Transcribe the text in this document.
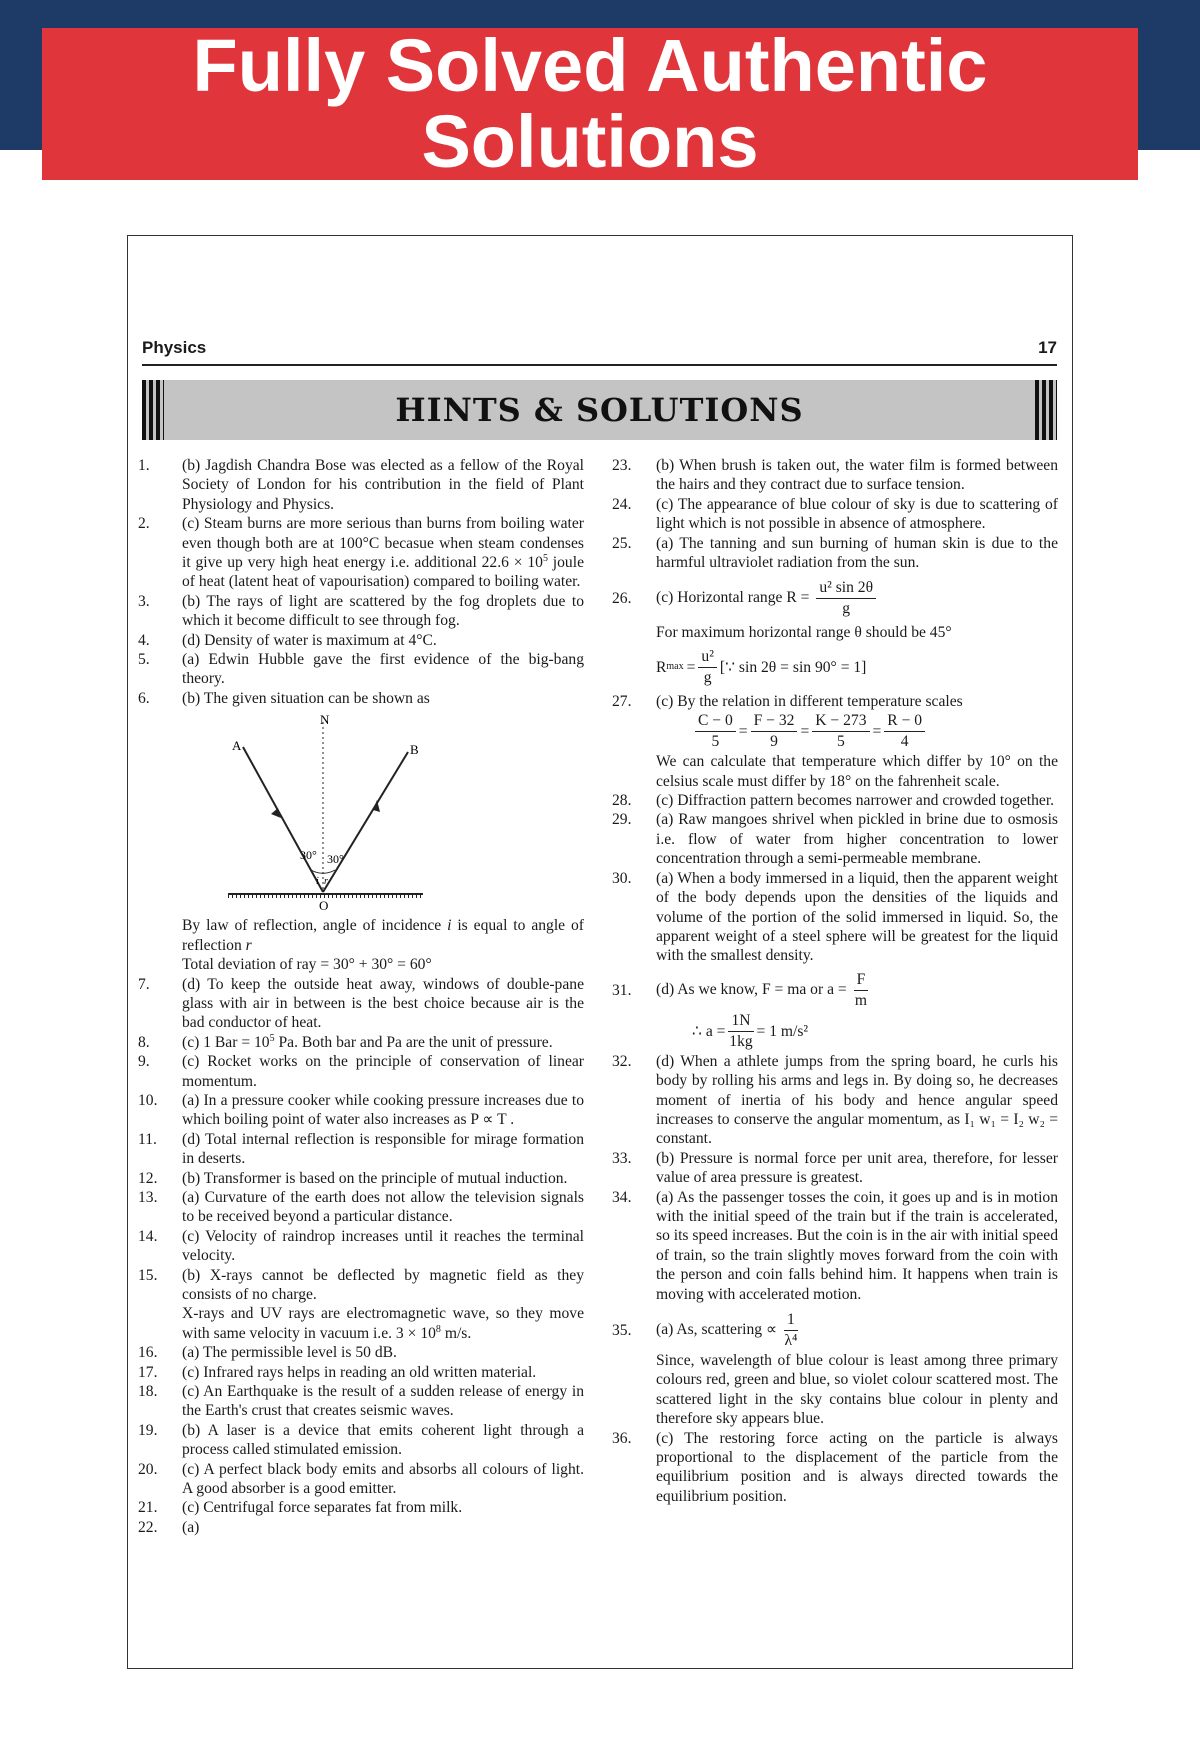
Fully Solved Authentic Solutions
Physics	17
HINTS & SOLUTIONS
1.	(b) Jagdish Chandra Bose was elected as a fellow of the Royal Society of London for his contribution in the field of Plant Physiology and Physics.
2.	(c) Steam burns are more serious than burns from boiling water even though both are at 100°C becasue when steam condenses it give up very high heat energy i.e. additional $22.6 \times 10^5$ joule of heat (latent heat of vapourisation) compared to boiling water.
3.	(b) The rays of light are scattered by the fog droplets due to which it become difficult to see through fog.
4.	(d) Density of water is maximum at 4°C.
5.	(a) Edwin Hubble gave the first evidence of the big-bang theory.
6.	(b) The given situation can be shown as
N
A	B
O
30° 30°
i r
By law of reflection, angle of incidence i is equal to angle of reflection r
Total deviation of ray = 30° + 30° = 60°
7.	(d) To keep the outside heat away, windows of double-pane glass with air in between is the best choice because air is the bad conductor of heat.
8.	(c) 1 Bar = $10^5$ Pa. Both bar and Pa are the unit of pressure.
9.	(c) Rocket works on the principle of conservation of linear momentum.
10.	(a) In a pressure cooker while cooking pressure increases due to which boiling point of water also increases as P ∝ T .
11.	(d) Total internal reflection is responsible for mirage formation in deserts.
12.	(b) Transformer is based on the principle of mutual induction.
13.	(a) Curvature of the earth does not allow the television signals to be received beyond a particular distance.
14.	(c) Velocity of raindrop increases until it reaches the terminal velocity.
15.	(b) X-rays cannot be deflected by magnetic field as they consists of no charge.
X-rays and UV rays are electromagnetic wave, so they move with same velocity in vacuum i.e. $3 \times 10^8$ m/s.
16.	(a) The permissible level is 50 dB.
17.	(c) Infrared rays helps in reading an old written material.
18.	(c) An Earthquake is the result of a sudden release of energy in the Earth's crust that creates seismic waves.
19.	(b) A laser is a device that emits coherent light through a process called stimulated emission.
20.	(c) A perfect black body emits and absorbs all colours of light. A good absorber is a good emitter.
21.	(c) Centrifugal force separates fat from milk.
22.	(a)
23.	(b) When brush is taken out, the water film is formed between the hairs and they contract due to surface tension.
24.	(c) The appearance of blue colour of sky is due to scattering of light which is not possible in absence of atmosphere.
25.	(a) The tanning and sun burning of human skin is due to the harmful ultraviolet radiation from the sun.
26.	(c) Horizontal range $R = \frac{\text{u² sin 2θ}}{g}$
For maximum horizontal range θ should be 45°
R $\max = \frac{\text{u²}}{g}$ [∵ sin 2θ = sin 90° = 1]
27.	(c) By the relation in different temperature scales
$\frac{C - 0}{5} = \frac{F - 32}{9} = \frac{K - 273}{5} = \frac{R - 0}{4}$
We can calculate that temperature which differ by 10° on the celsius scale must differ by 18° on the fahrenheit scale.
28.	(c) Diffraction pattern becomes narrower and crowded together.
29.	(a) Raw mangoes shrivel when pickled in brine due to osmosis i.e. flow of water from higher concentration to lower concentration through a semi-permeable membrane.
30.	(a) When a body immersed in a liquid, then the apparent weight of the body depends upon the densities of the liquids and volume of the portion of the solid immersed in liquid. So, the apparent weight of a steel sphere will be greatest for the liquid with the smallest density.
31.	(d) As we know, F = ma or $a = \frac{F}{m}$
∴ $a = \frac{1N}{1kg} = 1$ m/s²
32.	(d) When a athlete jumps from the spring board, he curls his body by rolling his arms and legs in. By doing so, he decreases moment of inertia of his body and hence angular speed increases to conserve the angular momentum, as I₁ w₁ = I₂ w₂ = constant.
33.	(b) Pressure is normal force per unit area, therefore, for lesser value of area pressure is greatest.
34.	(a) As the passenger tosses the coin, it goes up and is in motion with the initial speed of the train but if the train is accelerated, so its speed increases. But the coin is in the air with initial speed of train, so the train slightly moves forward from the coin with the person and coin falls behind him. It happens when train is moving with accelerated motion.
35.	(a) As, scattering ∝ $\frac{1}{\text{λ⁴}}$
Since, wavelength of blue colour is least among three primary colours red, green and blue, so violet colour scattered most. The scattered light in the sky contains blue colour in plenty and therefore sky appears blue.
36.	(c) The restoring force acting on the particle is always proportional to the displacement of the particle from the equilibrium position and is always directed towards the equilibrium position.
